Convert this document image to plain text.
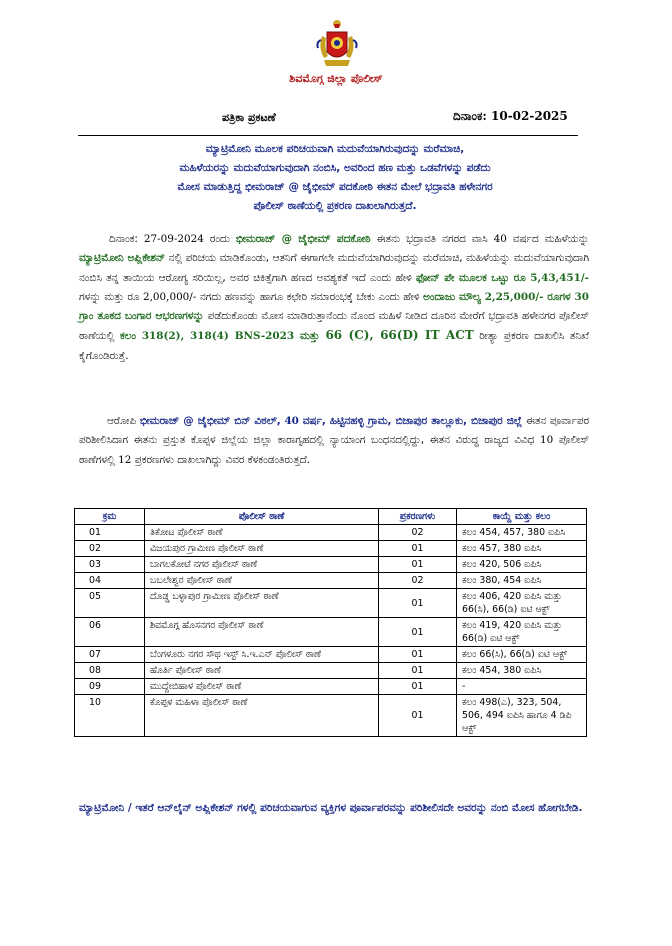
ಶಿವಮೊಗ್ಗ ಜಿಲ್ಲಾ ಪೊಲೀಸ್
ಪತ್ರಿಕಾ ಪ್ರಕಟಣೆ	ದಿನಾಂಕ: 10-02-2025

ಮ್ಯಾಟ್ರಿಮೋನಿ ಮೂಲಕ ಪರಿಚಯವಾಗಿ ಮದುವೆಯಾಗಿರುವುದನ್ನು ಮರೆಮಾಚಿ,
ಮಹಿಳೆಯರನ್ನು ಮದುವೆಯಾಗುವುದಾಗಿ ನಂಬಿಸಿ, ಅವರಿಂದ ಹಣ ಮತ್ತು ಒಡವೆಗಳನ್ನು ಪಡೆದು
ಮೋಸ ಮಾಡುತ್ತಿದ್ದ ಭೀಮರಾಜ್ @ ಜೈಭೀಮ್ ಪದಕೋಠಿ ಈತನ ಮೇಲೆ ಭದ್ರಾವತಿ ಹಳೇನಗರ
ಪೊಲೀಸ್ ಠಾಣೆಯಲ್ಲಿ ಪ್ರಕರಣ ದಾಖಲಾಗಿರುತ್ತದೆ.

ದಿನಾಂಕ: 27-09-2024 ರಂದು ಭೀಮರಾಜ್ @ ಜೈಭೀಮ್ ಪದಕೋಠಿ ಈತನು ಭದ್ರಾವತಿ ನಗರದ ವಾಸಿ 40 ವರ್ಷದ ಮಹಿಳೆಯನ್ನು ಮ್ಯಾಟ್ರಿಮೋನಿ ಅಪ್ಲಿಕೇಶನ್ ನಲ್ಲಿ ಪರಿಚಯ ಮಾಡಿಕೊಂಡು, ಆತನಿಗೆ ಈಗಾಗಲೇ ಮದುವೆಯಾಗಿರುವುದನ್ನು ಮರೆಮಾಚಿ, ಮಹಿಳೆಯನ್ನು ಮದುವೆಯಾಗುವುದಾಗಿ ನಂಬಿಸಿ ತನ್ನ ತಾಯಿಯ ಆರೋಗ್ಯ ಸರಿಯಿಲ್ಲ, ಅವರ ಚಿಕಿತ್ಸೆಗಾಗಿ ಹಣದ ಅವಶ್ಯಕತೆ ಇದೆ ಎಂದು ಹೇಳಿ ಫೋನ್ ಪೇ ಮೂಲಕ ಒಟ್ಟು ರೂ 5,43,451/- ಗಳನ್ನು ಮತ್ತು ರೂ 2,00,000/- ನಗದು ಹಣವನ್ನು ಹಾಗೂ ಕಛೇರಿ ಸಮಾರಂಭಕ್ಕೆ ಬೇಕು ಎಂದು ಹೇಳಿ ಅಂದಾಜು ಮೌಲ್ಯ 2,25,000/- ರೂಗಳ 30 ಗ್ರಾಂ ತೂಕದ ಬಂಗಾರ ಆಭರಣಗಳನ್ನು ಪಡೆದುಕೊಂಡು ಮೋಸ ಮಾಡಿರುತ್ತಾನೆಂದು ನೊಂದ ಮಹಿಳೆ ನೀಡಿದ ದೂರಿನ ಮೇರೆಗೆ ಭದ್ರಾವತಿ ಹಳೇನಗರ ಪೊಲೀಸ್ ಠಾಣೆಯಲ್ಲಿ ಕಲಂ 318(2), 318(4) BNS-2023 ಮತ್ತು 66 (C), 66(D) IT ACT ರೀತ್ಯಾ ಪ್ರಕರಣ ದಾಖಲಿಸಿ ತನಿಖೆ ಕೈಗೊಂಡಿರುತ್ತೆ.

ಆರೋಪಿ ಭೀಮರಾಜ್ @ ಜೈಭೀಮ್ ಬಿನ್ ವಿಠಲ್, 40 ವರ್ಷ, ಹಿಟ್ಟಿನಹಳ್ಳಿ ಗ್ರಾಮ, ಬಿಜಾಪುರ ತಾಲ್ಲೂಕು, ಬಿಜಾಪುರ ಜಿಲ್ಲೆ ಈತನ ಪೂರ್ವಾಪರ ಪರಿಶೀಲಿಸಿದಾಗ ಈತನು ಪ್ರಸ್ತುತ ಕೊಪ್ಪಳ ಜಿಲ್ಲೆಯ ಜಿಲ್ಲಾ ಕಾರಾಗೃಹದಲ್ಲಿ ನ್ಯಾಯಾಂಗ ಬಂಧನದಲ್ಲಿದ್ದು, ಈತನ ವಿರುದ್ಧ ರಾಜ್ಯದ ವಿವಿಧ 10 ಪೊಲೀಸ್ ಠಾಣೆಗಳಲ್ಲಿ 12 ಪ್ರಕರಣಗಳು ದಾಖಲಾಗಿದ್ದು ವಿವರ ಕೆಳಕಂಡಂತಿರುತ್ತದೆ.

ಕ್ರಮ	ಪೊಲೀಸ್ ಠಾಣೆ	ಪ್ರಕರಣಗಳು	ಕಾಯ್ದೆ ಮತ್ತು ಕಲಂ
01	ತಿಕೋಟ ಪೊಲೀಸ್ ಠಾಣೆ	02	ಕಲಂ 454, 457, 380 ಐಪಿಸಿ
02	ವಿಜಯಪುರ ಗ್ರಾಮೀಣ ಪೊಲೀಸ್ ಠಾಣೆ	01	ಕಲಂ 457, 380 ಐಪಿಸಿ
03	ಬಾಗಲಕೋಟೆ ನಗರ ಪೊಲೀಸ್ ಠಾಣೆ	01	ಕಲಂ 420, 506 ಐಪಿಸಿ
04	ಬಬಲೇಶ್ವರ ಪೊಲೀಸ್ ಠಾಣೆ	02	ಕಲಂ 380, 454 ಐಪಿಸಿ
05	ದೊಡ್ಡ ಬಳ್ಳಾಪುರ ಗ್ರಾಮೀಣ ಪೊಲೀಸ್ ಠಾಣೆ	01	ಕಲಂ 406, 420 ಐಪಿಸಿ ಮತ್ತು 66(ಸಿ), 66(ಡಿ) ಐಟಿ ಆಕ್ಟ್
06	ಶಿವಮೊಗ್ಗ ಹೊಸನಗರ ಪೊಲೀಸ್ ಠಾಣೆ	01	ಕಲಂ 419, 420 ಐಪಿಸಿ ಮತ್ತು 66(ಡಿ) ಐಟಿ ಆಕ್ಟ್
07	ಬೆಂಗಳೂರು ನಗರ ಸೌಥ ಇಸ್ಟ್ ಸಿ.ಇ.ಎನ್ ಪೊಲೀಸ್ ಠಾಣೆ	01	ಕಲಂ 66(ಸಿ), 66(ಡಿ) ಐಟಿ ಆಕ್ಟ್
08	ಹೊರ್ತಿ ಪೊಲೀಸ್ ಠಾಣೆ	01	ಕಲಂ 454, 380 ಐಪಿಸಿ
09	ಮುದ್ದೇಬಿಹಾಳ ಪೊಲೀಸ್ ಠಾಣೆ	01	-
10	ಕೊಪ್ಪಳ ಮಹಿಳಾ ಪೊಲೀಸ್ ಠಾಣೆ	01	ಕಲಂ 498(ಎ), 323, 504, 506, 494 ಐಪಿಸಿ ಹಾಗೂ 4 ಡಿಪಿ ಆಕ್ಟ್

ಮ್ಯಾಟ್ರಿಮೋನಿ / ಇತರೆ ಆನ್‌ಲೈನ್ ಅಪ್ಲಿಕೇಶನ್ ಗಳಲ್ಲಿ ಪರಿಚಯವಾಗುವ ವ್ಯಕ್ತಿಗಳ ಪೂರ್ವಾಪರವನ್ನು ಪರಿಶೀಲಿಸದೇ ಅವರನ್ನು ನಂಬಿ ಮೋಸ ಹೋಗಬೇಡಿ.
